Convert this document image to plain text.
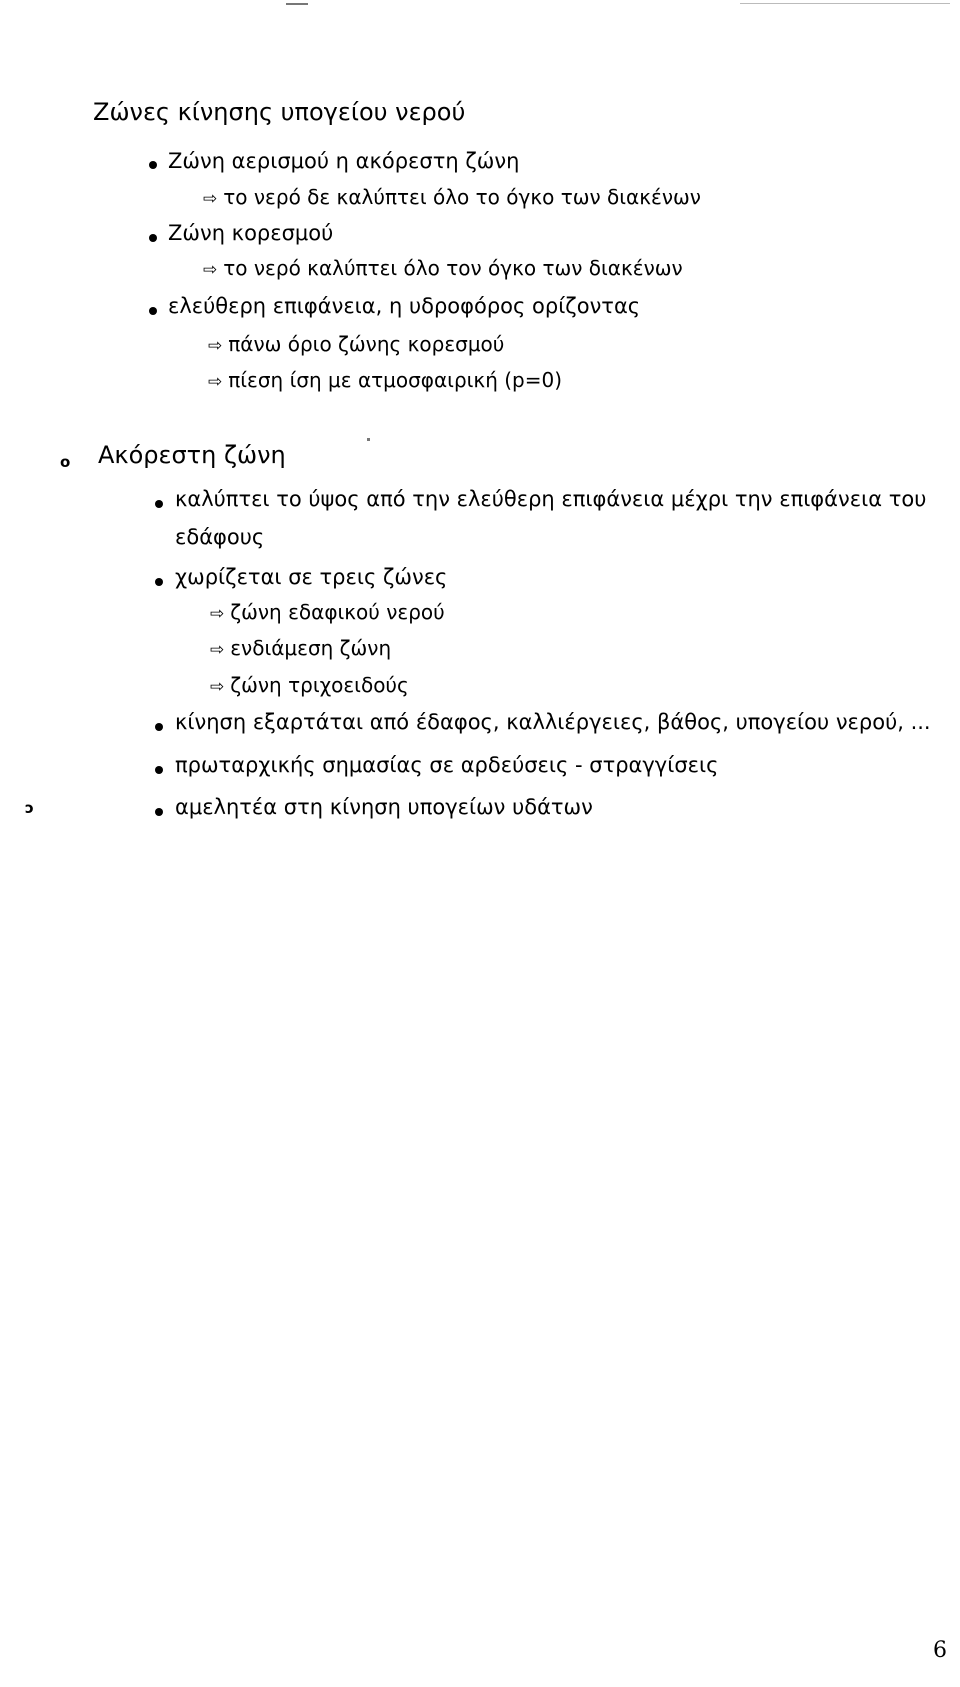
Ζώνες κίνησης υπογείου νερού
Ζώνη αερισμού η ακόρεστη ζώνη
⇨ το νερό δε καλύπτει όλο το όγκο των διακένων
Ζώνη κορεσμού
⇨ το νερό καλύπτει όλο τον όγκο των διακένων
ελεύθερη επιφάνεια, η υδροφόρος ορίζοντας
⇨ πάνω όριο ζώνης κορεσμού
⇨ πίεση ίση με ατμοσφαιρική (p=0)
o Ακόρεστη ζώνη
καλύπτει το ύψος από την ελεύθερη επιφάνεια μέχρι την επιφάνεια του
εδάφους
χωρίζεται σε τρεις ζώνες
⇨ ζώνη εδαφικού νερού
⇨ ενδιάμεση ζώνη
⇨ ζώνη τριχοειδούς
κίνηση εξαρτάται από έδαφος, καλλιέργειες, βάθος, υπογείου νερού, ...
πρωταρχικής σημασίας σε αρδεύσεις - στραγγίσεις
ɔ	αμελητέα στη κίνηση υπογείων υδάτων
6
